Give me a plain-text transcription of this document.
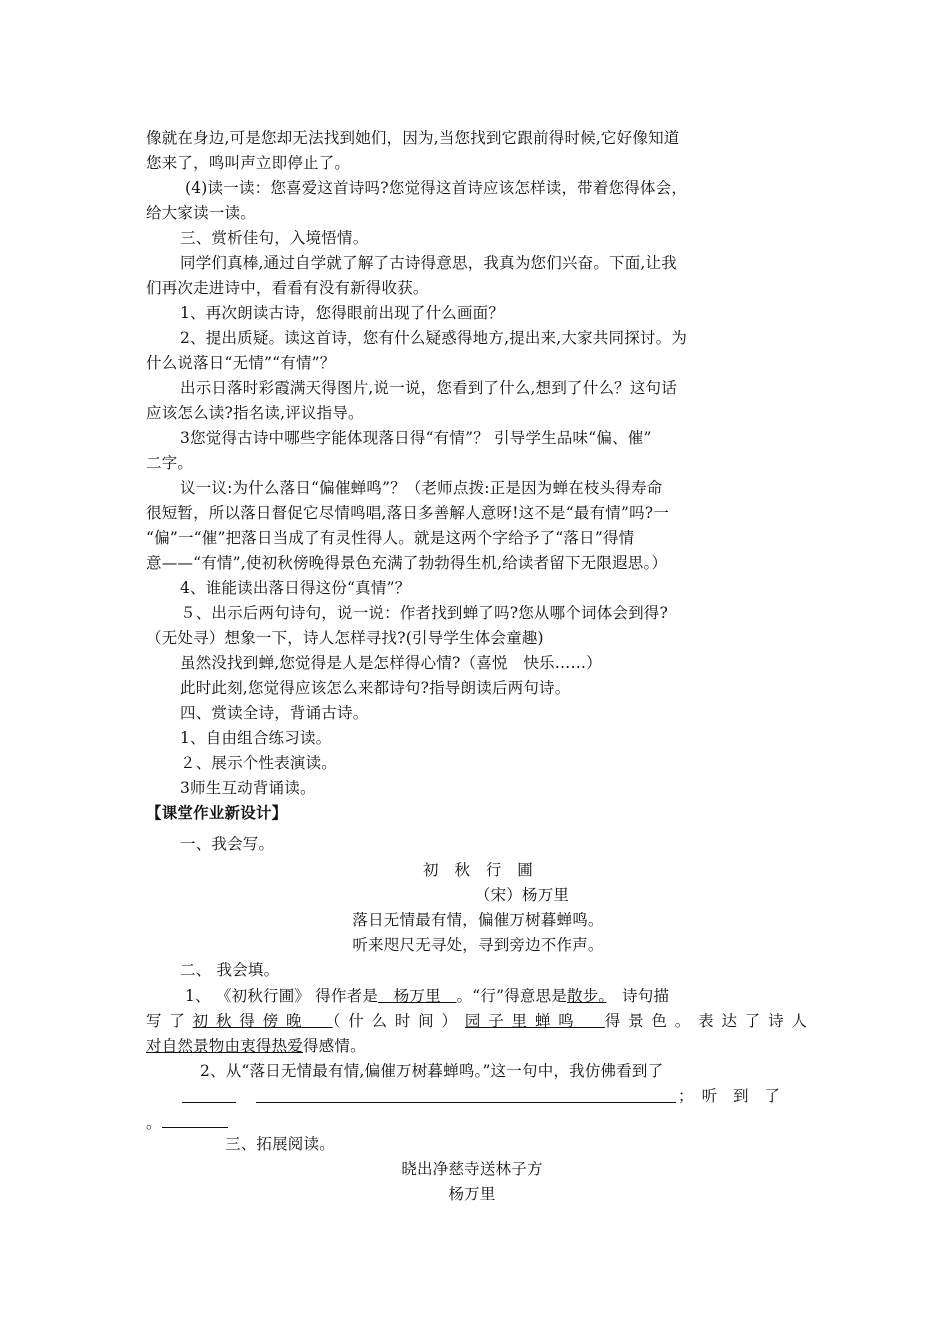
像就在身边,可是您却无法找到她们，因为,当您找到它跟前得时候,它好像知道
您来了，鸣叫声立即停止了。
(4)读一读：您喜爱这首诗吗?您觉得这首诗应该怎样读，带着您得体会，
给大家读一读。
三、赏析佳句，入境悟情。
同学们真棒,通过自学就了解了古诗得意思，我真为您们兴奋。下面,让我
们再次走进诗中，看看有没有新得收获。
1、再次朗读古诗，您得眼前出现了什么画面？
2、提出质疑。读这首诗，您有什么疑惑得地方,提出来,大家共同探讨。为
什么说落日“无情”“有情”？
出示日落时彩霞满天得图片,说一说，您看到了什么,想到了什么？这句话
应该怎么读?指名读,评议指导。
3您觉得古诗中哪些字能体现落日得“有情”？ 引导学生品味“偏、催”
二字。
议一议:为什么落日“偏催蝉鸣”？（老师点拨:正是因为蝉在枝头得寿命
很短暂，所以落日督促它尽情鸣唱,落日多善解人意呀!这不是“最有情”吗?一
“偏”一“催”把落日当成了有灵性得人。就是这两个字给予了“落日”得情
意——“有情”,使初秋傍晚得景色充满了勃勃得生机,给读者留下无限遐思。）
4、谁能读出落日得这份“真情”？
５、出示后两句诗句，说一说：作者找到蝉了吗?您从哪个词体会到得?
（无处寻）想象一下，诗人怎样寻找?(引导学生体会童趣)
虽然没找到蝉,您觉得是人是怎样得心情?（喜悦　快乐……）
此时此刻,您觉得应该怎么来都诗句?指导朗读后两句诗。
四、赏读全诗，背诵古诗。
1、自由组合练习读。
２、展示个性表演读。
3师生互动背诵读。
【课堂作业新设计】
一、我会写。
初　秋　行　圃
（宋）杨万里
落日无情最有情，偏催万树暮蝉鸣。
听来咫尺无寻处，寻到旁边不作声。
二、 我会填。
1、 《初秋行圃》 得作者是　杨万里　。“行”得意思是散步。　诗句描
写了初秋得傍晚　（什么时间）园子里蝉鸣　得景色。表达了诗人
对自然景物由衷得热爱得感情。
2、从“落日无情最有情,偏催万树暮蝉鸣。”这一句中，我仿佛看到了
；　听　到　了
。
三、拓展阅读。
晓出净慈寺送林子方
杨万里
